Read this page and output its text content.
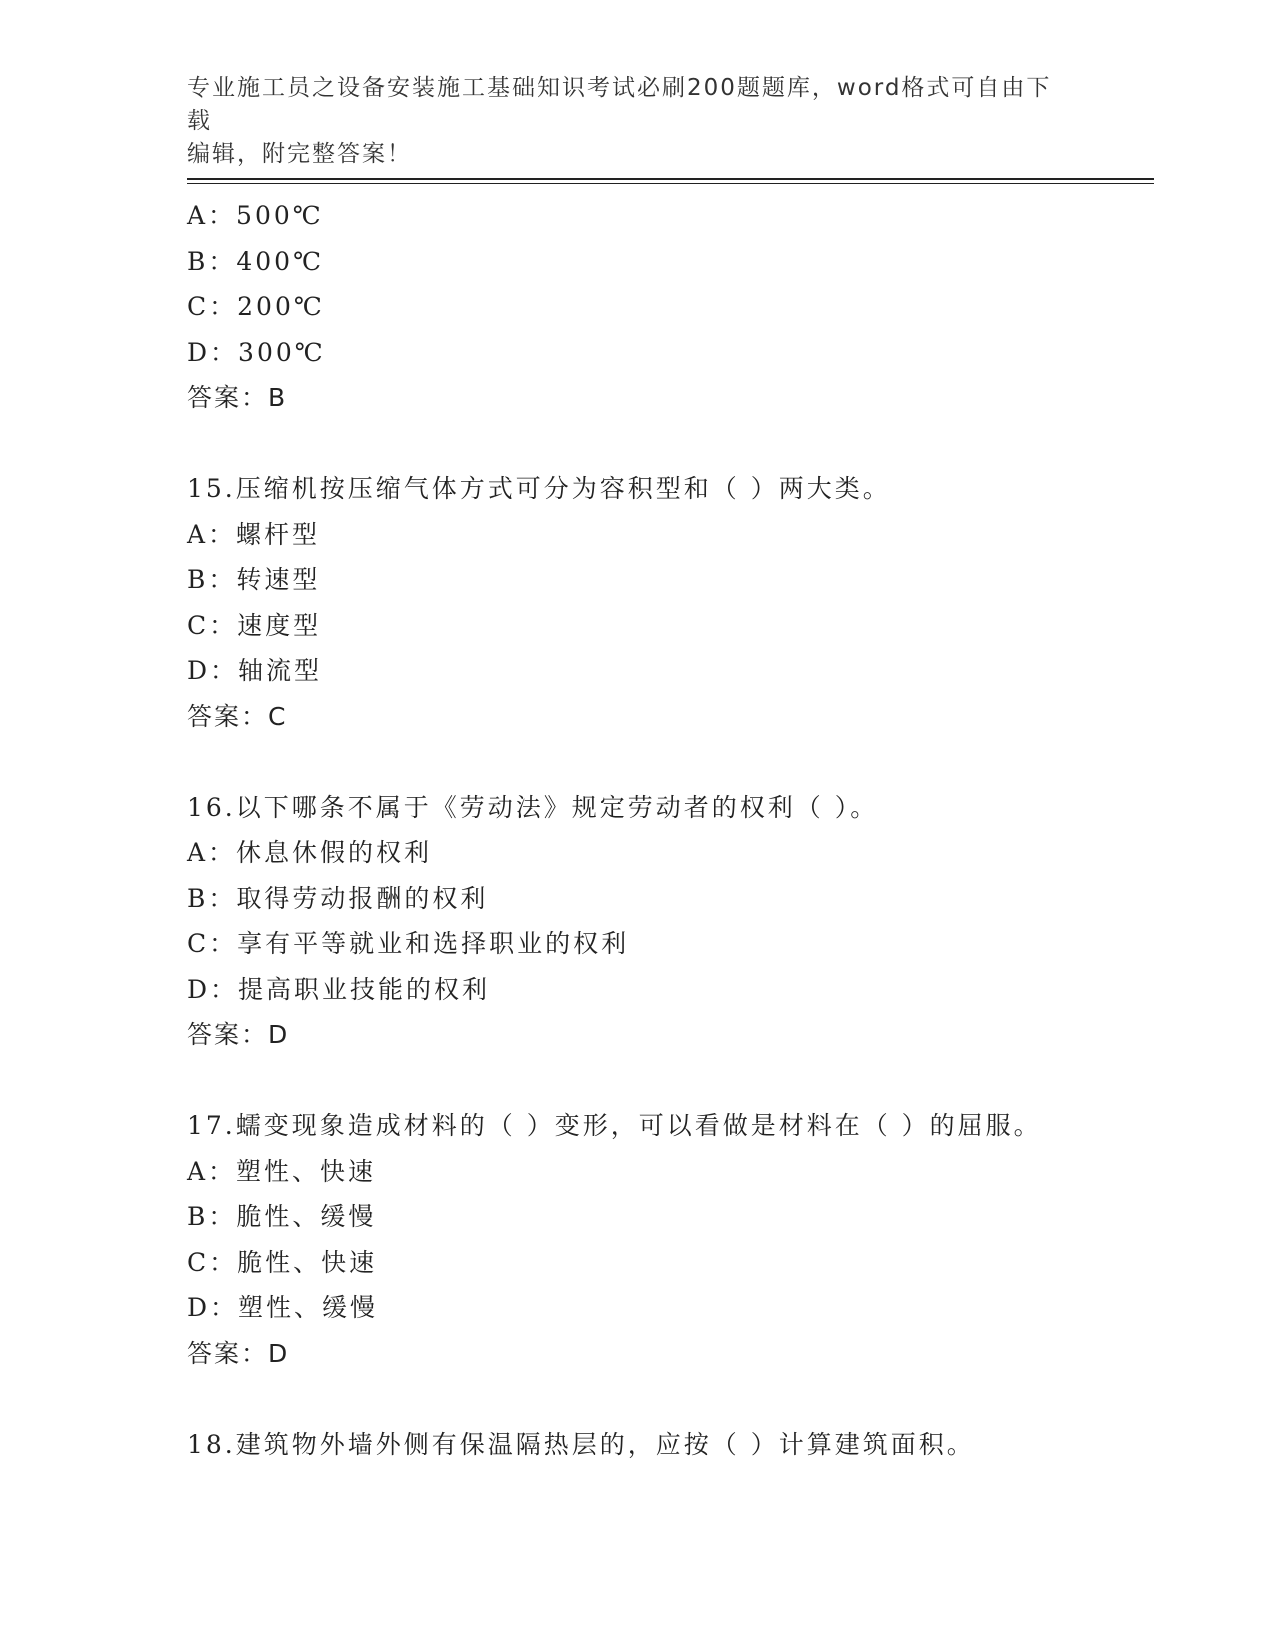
专业施工员之设备安装施工基础知识考试必刷200题题库，word格式可自由下载
编辑，附完整答案！
A：500℃
B：400℃
C：200℃
D：300℃
答案：B
15.压缩机按压缩气体方式可分为容积型和（ ）两大类。
A：螺杆型
B：转速型
C：速度型
D：轴流型
答案：C
16.以下哪条不属于《劳动法》规定劳动者的权利（ ）。
A：休息休假的权利
B：取得劳动报酬的权利
C：享有平等就业和选择职业的权利
D：提高职业技能的权利
答案：D
17.蠕变现象造成材料的（ ）变形，可以看做是材料在（ ）的屈服。
A：塑性、快速
B：脆性、缓慢
C：脆性、快速
D：塑性、缓慢
答案：D
18.建筑物外墙外侧有保温隔热层的，应按（ ）计算建筑面积。
